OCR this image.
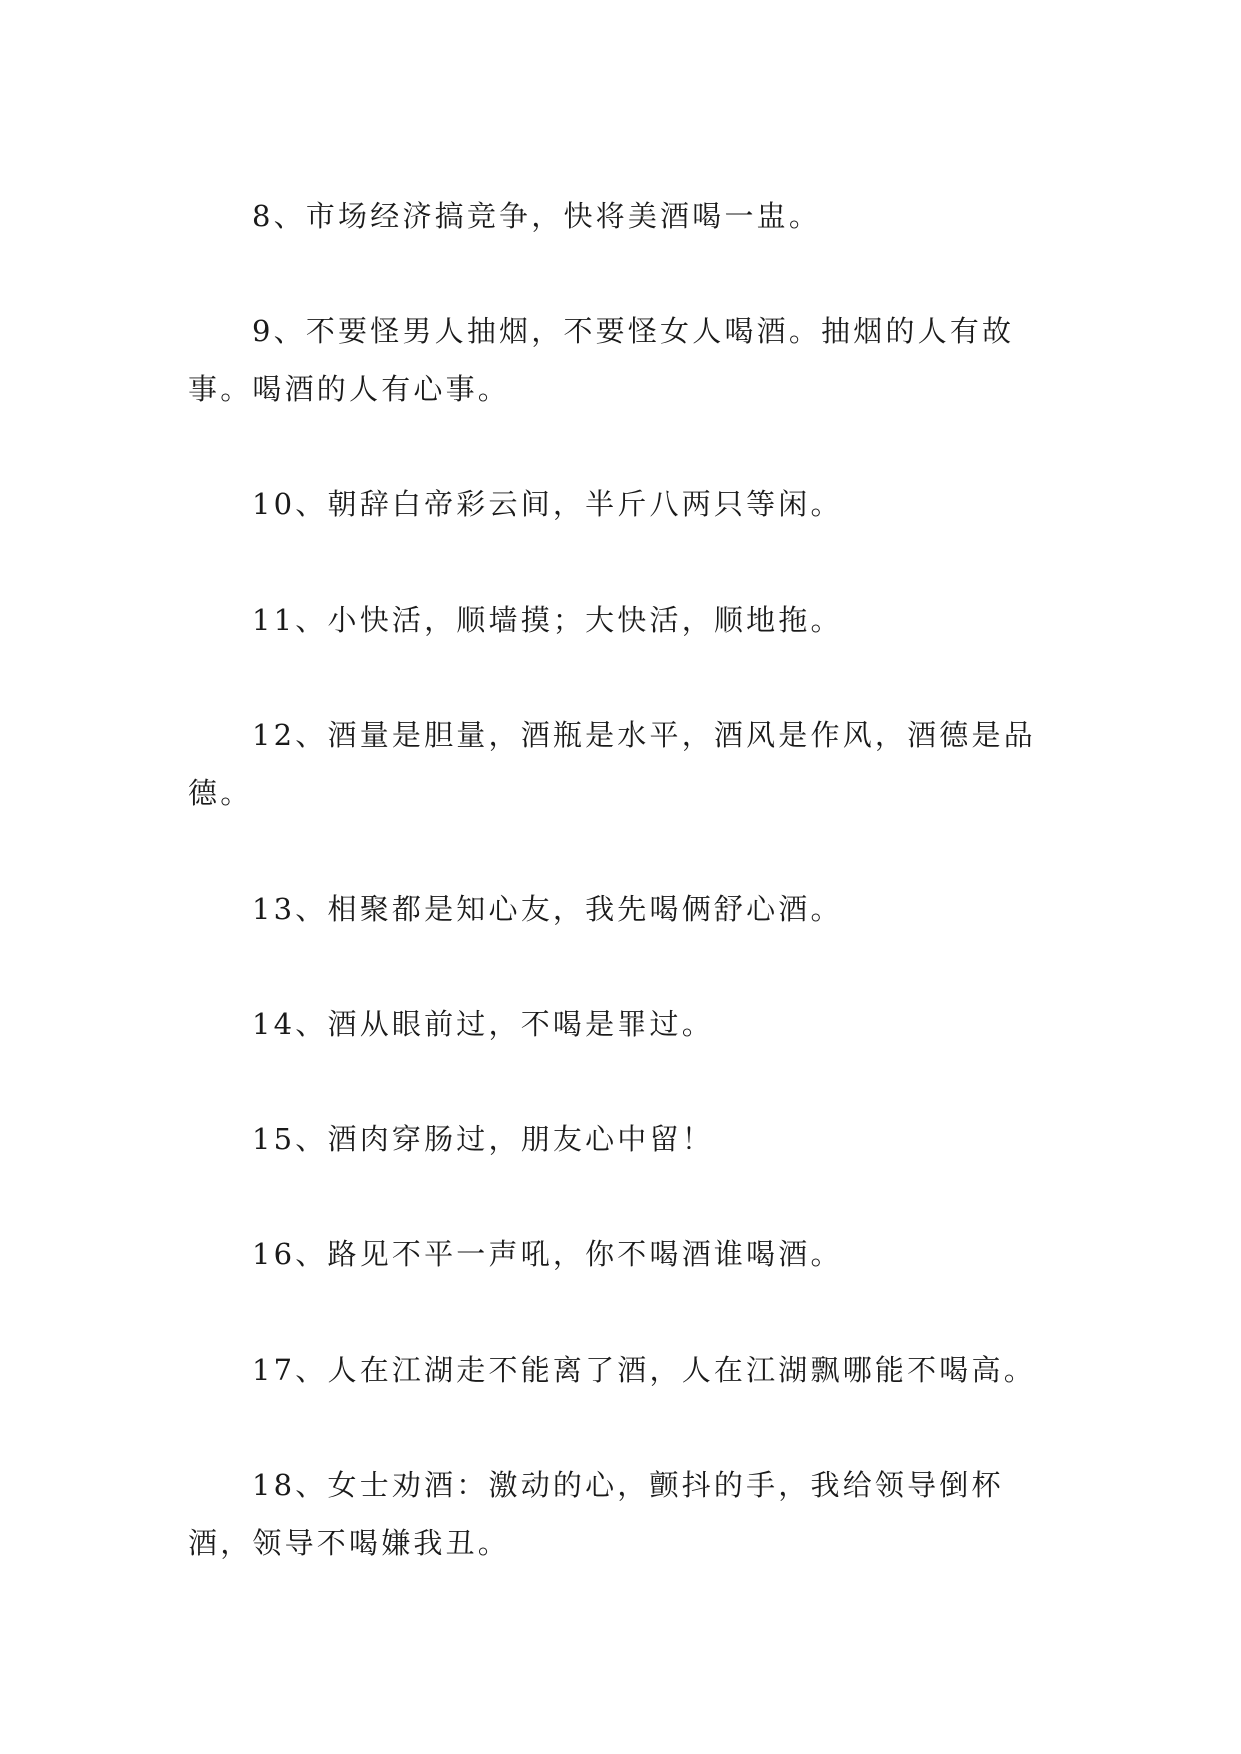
8、市场经济搞竞争，快将美酒喝一盅。

9、不要怪男人抽烟，不要怪女人喝酒。抽烟的人有故事。喝酒的人有心事。

10、朝辞白帝彩云间，半斤八两只等闲。

11、小快活，顺墙摸；大快活，顺地拖。

12、酒量是胆量，酒瓶是水平，酒风是作风，酒德是品德。

13、相聚都是知心友，我先喝俩舒心酒。

14、酒从眼前过，不喝是罪过。

15、酒肉穿肠过，朋友心中留！

16、路见不平一声吼，你不喝酒谁喝酒。

17、人在江湖走不能离了酒，人在江湖飘哪能不喝高。

18、女士劝酒：激动的心，颤抖的手，我给领导倒杯酒，领导不喝嫌我丑。
